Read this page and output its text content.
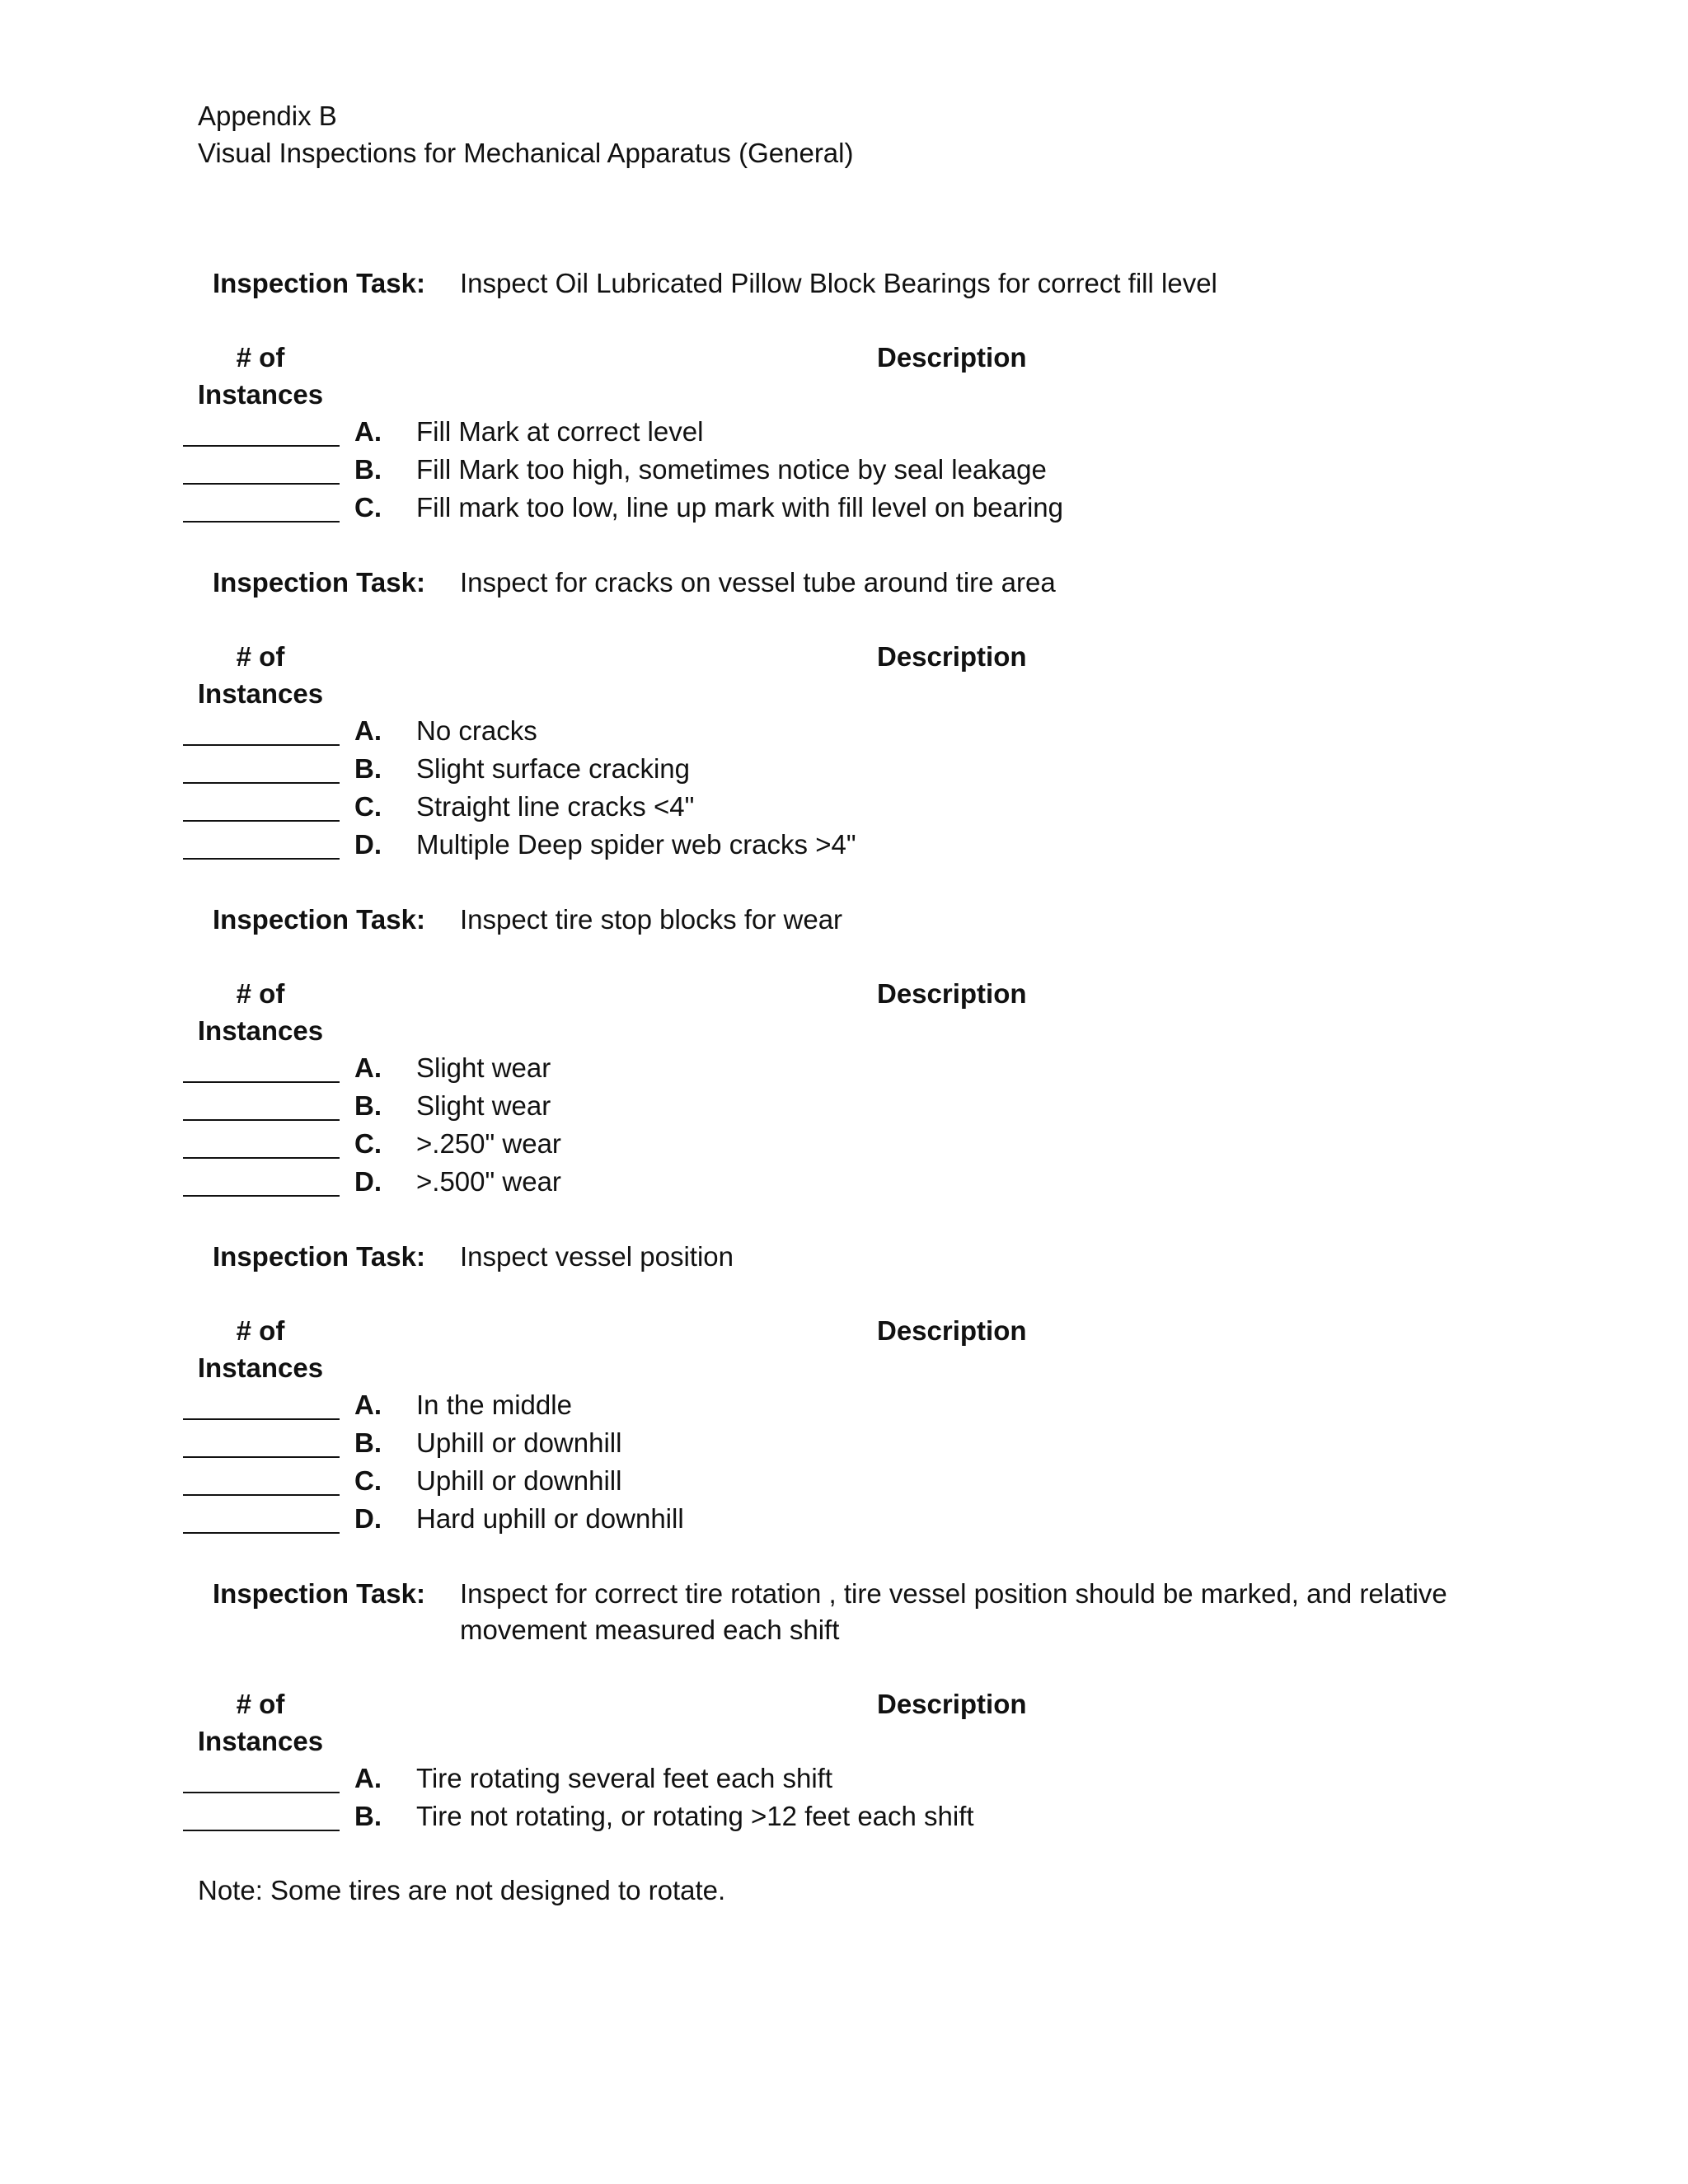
Appendix B
Visual Inspections for Mechanical Apparatus (General)
Inspection Task: Inspect Oil Lubricated Pillow Block Bearings for correct fill level
# of
Instances
Description
A. Fill Mark at correct level
B. Fill Mark too high, sometimes notice by seal leakage
C. Fill mark too low, line up mark with fill level on bearing
Inspection Task: Inspect for cracks on vessel tube around tire area
# of
Instances
Description
A. No cracks
B. Slight surface cracking
C. Straight line cracks <4"
D. Multiple Deep spider web cracks >4"
Inspection Task: Inspect tire stop blocks for wear
# of
Instances
Description
A. Slight wear
B. Slight wear
C. >.250" wear
D. >.500" wear
Inspection Task: Inspect vessel position
# of
Instances
Description
A. In the middle
B. Uphill or downhill
C. Uphill or downhill
D. Hard uphill or downhill
Inspection Task: Inspect for correct tire rotation , tire vessel position should be marked, and relative movement measured each shift
# of
Instances
Description
A. Tire rotating several feet each shift
B. Tire not rotating, or rotating >12 feet each shift
Note: Some tires are not designed to rotate.
